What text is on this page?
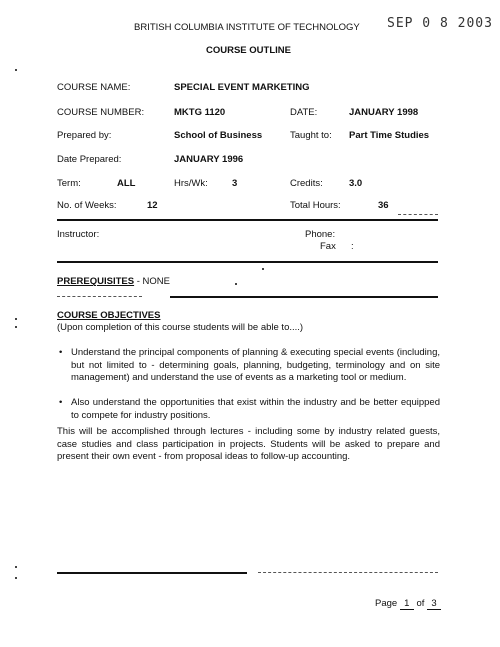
BRITISH COLUMBIA INSTITUTE OF TECHNOLOGY SEP 0 8 2003
COURSE OUTLINE
COURSE NAME:	SPECIAL EVENT MARKETING
COURSE NUMBER:	MKTG 1120	DATE:	JANUARY 1998
Prepared by:	School of Business	Taught to: Part Time Studies
Date Prepared:	JANUARY 1996
Term:	ALL	Hrs/Wk:	3	Credits:	3.0
No. of Weeks:	12	Total Hours:	36
Instructor:	Phone:
Fax :
PREREQUISITES - NONE
COURSE OBJECTIVES
(Upon completion of this course students will be able to....)
• Understand the principal components of planning & executing special events (including, but not limited to - determining goals, planning, budgeting, terminology and on site management) and understand the use of events as a marketing tool or medium.
• Also understand the opportunities that exist within the industry and be better equipped to compete for industry positions.
This will be accomplished through lectures - including some by industry related guests, case studies and class participation in projects. Students will be asked to prepare and present their own event - from proposal ideas to follow-up accounting.
Page 1 of 3
